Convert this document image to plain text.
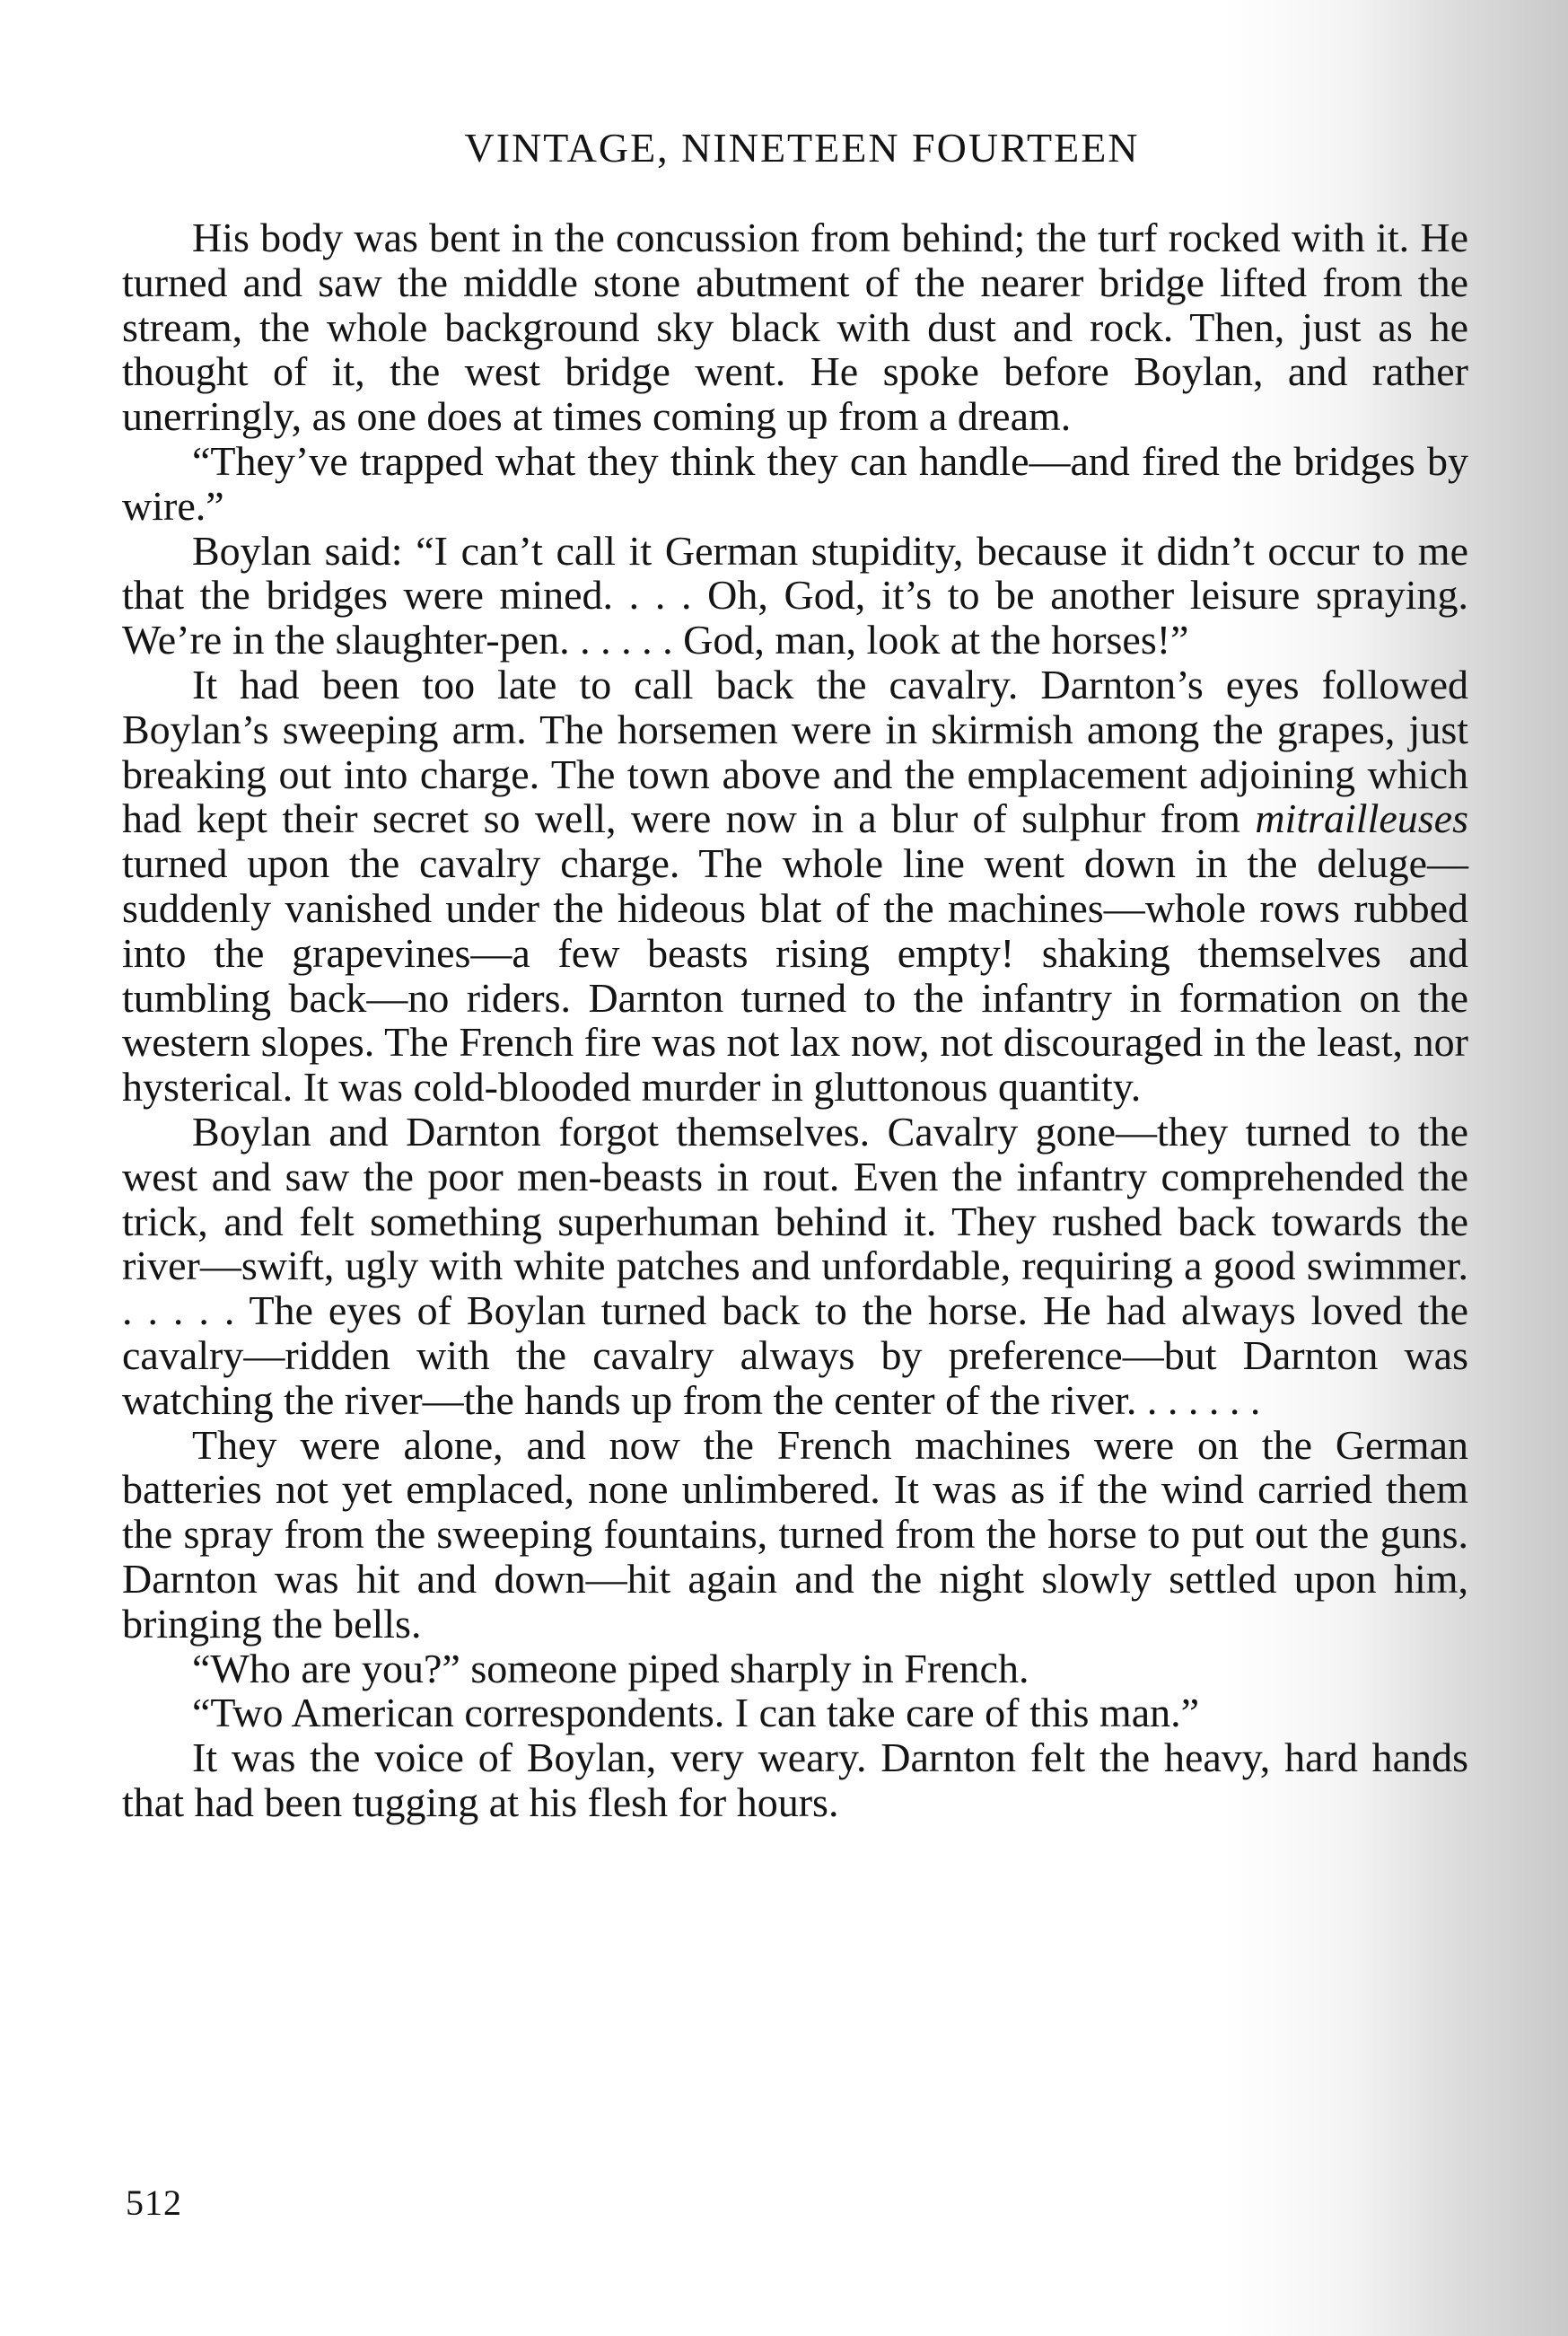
VINTAGE, NINETEEN FOURTEEN

His body was bent in the concussion from behind; the turf rocked with it. He turned and saw the middle stone abutment of the nearer bridge lifted from the stream, the whole background sky black with dust and rock. Then, just as he thought of it, the west bridge went. He spoke before Boylan, and rather unerringly, as one does at times coming up from a dream.

“They’ve trapped what they think they can handle—and fired the bridges by wire.”

Boylan said: “I can’t call it German stupidity, because it didn’t occur to me that the bridges were mined. . . . Oh, God, it’s to be another leisure spraying. We’re in the slaughter-pen. . . . . . God, man, look at the horses!”

It had been too late to call back the cavalry. Darnton’s eyes followed Boylan’s sweeping arm. The horsemen were in skirmish among the grapes, just breaking out into charge. The town above and the emplacement adjoining which had kept their secret so well, were now in a blur of sulphur from mitrailleuses turned upon the cavalry charge. The whole line went down in the deluge—suddenly vanished under the hideous blat of the machines—whole rows rubbed into the grapevines—a few beasts rising empty! shaking themselves and tumbling back—no riders. Darnton turned to the infantry in formation on the western slopes. The French fire was not lax now, not discouraged in the least, nor hysterical. It was cold-blooded murder in gluttonous quantity.

Boylan and Darnton forgot themselves. Cavalry gone—they turned to the west and saw the poor men-beasts in rout. Even the infantry comprehended the trick, and felt something superhuman behind it. They rushed back towards the river—swift, ugly with white patches and unfordable, requiring a good swimmer. . . . . . The eyes of Boylan turned back to the horse. He had always loved the cavalry—ridden with the cavalry always by preference—but Darnton was watching the river—the hands up from the center of the river. . . . . . .

They were alone, and now the French machines were on the German batteries not yet emplaced, none unlimbered. It was as if the wind carried them the spray from the sweeping fountains, turned from the horse to put out the guns. Darnton was hit and down—hit again and the night slowly settled upon him, bringing the bells.

“Who are you?” someone piped sharply in French.

“Two American correspondents. I can take care of this man.”

It was the voice of Boylan, very weary. Darnton felt the heavy, hard hands that had been tugging at his flesh for hours.

512
